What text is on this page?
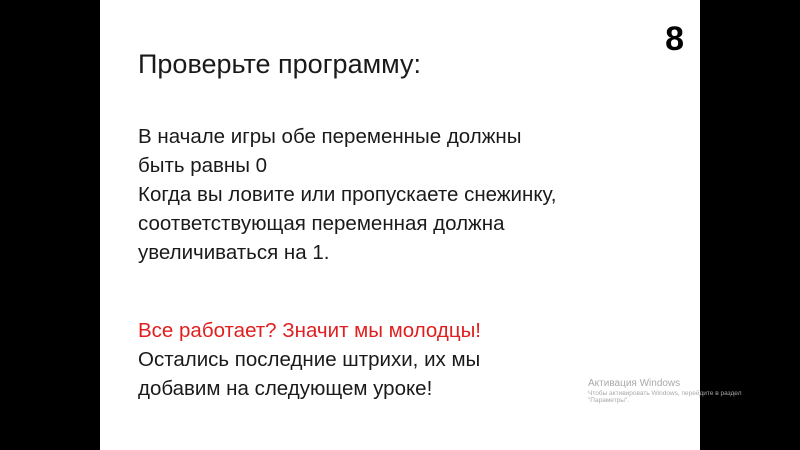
8
Проверьте программу:
В начале игры обе переменные должны
быть равны 0
Когда вы ловите или пропускаете снежинку,
соответствующая переменная должна
увеличиваться на 1.
Все работает? Значит мы молодцы!
Остались последние штрихи, их мы
добавим на следующем уроке!	Активация Windows
Чтобы активировать Windows, перейдите в раздел
"Параметры".
